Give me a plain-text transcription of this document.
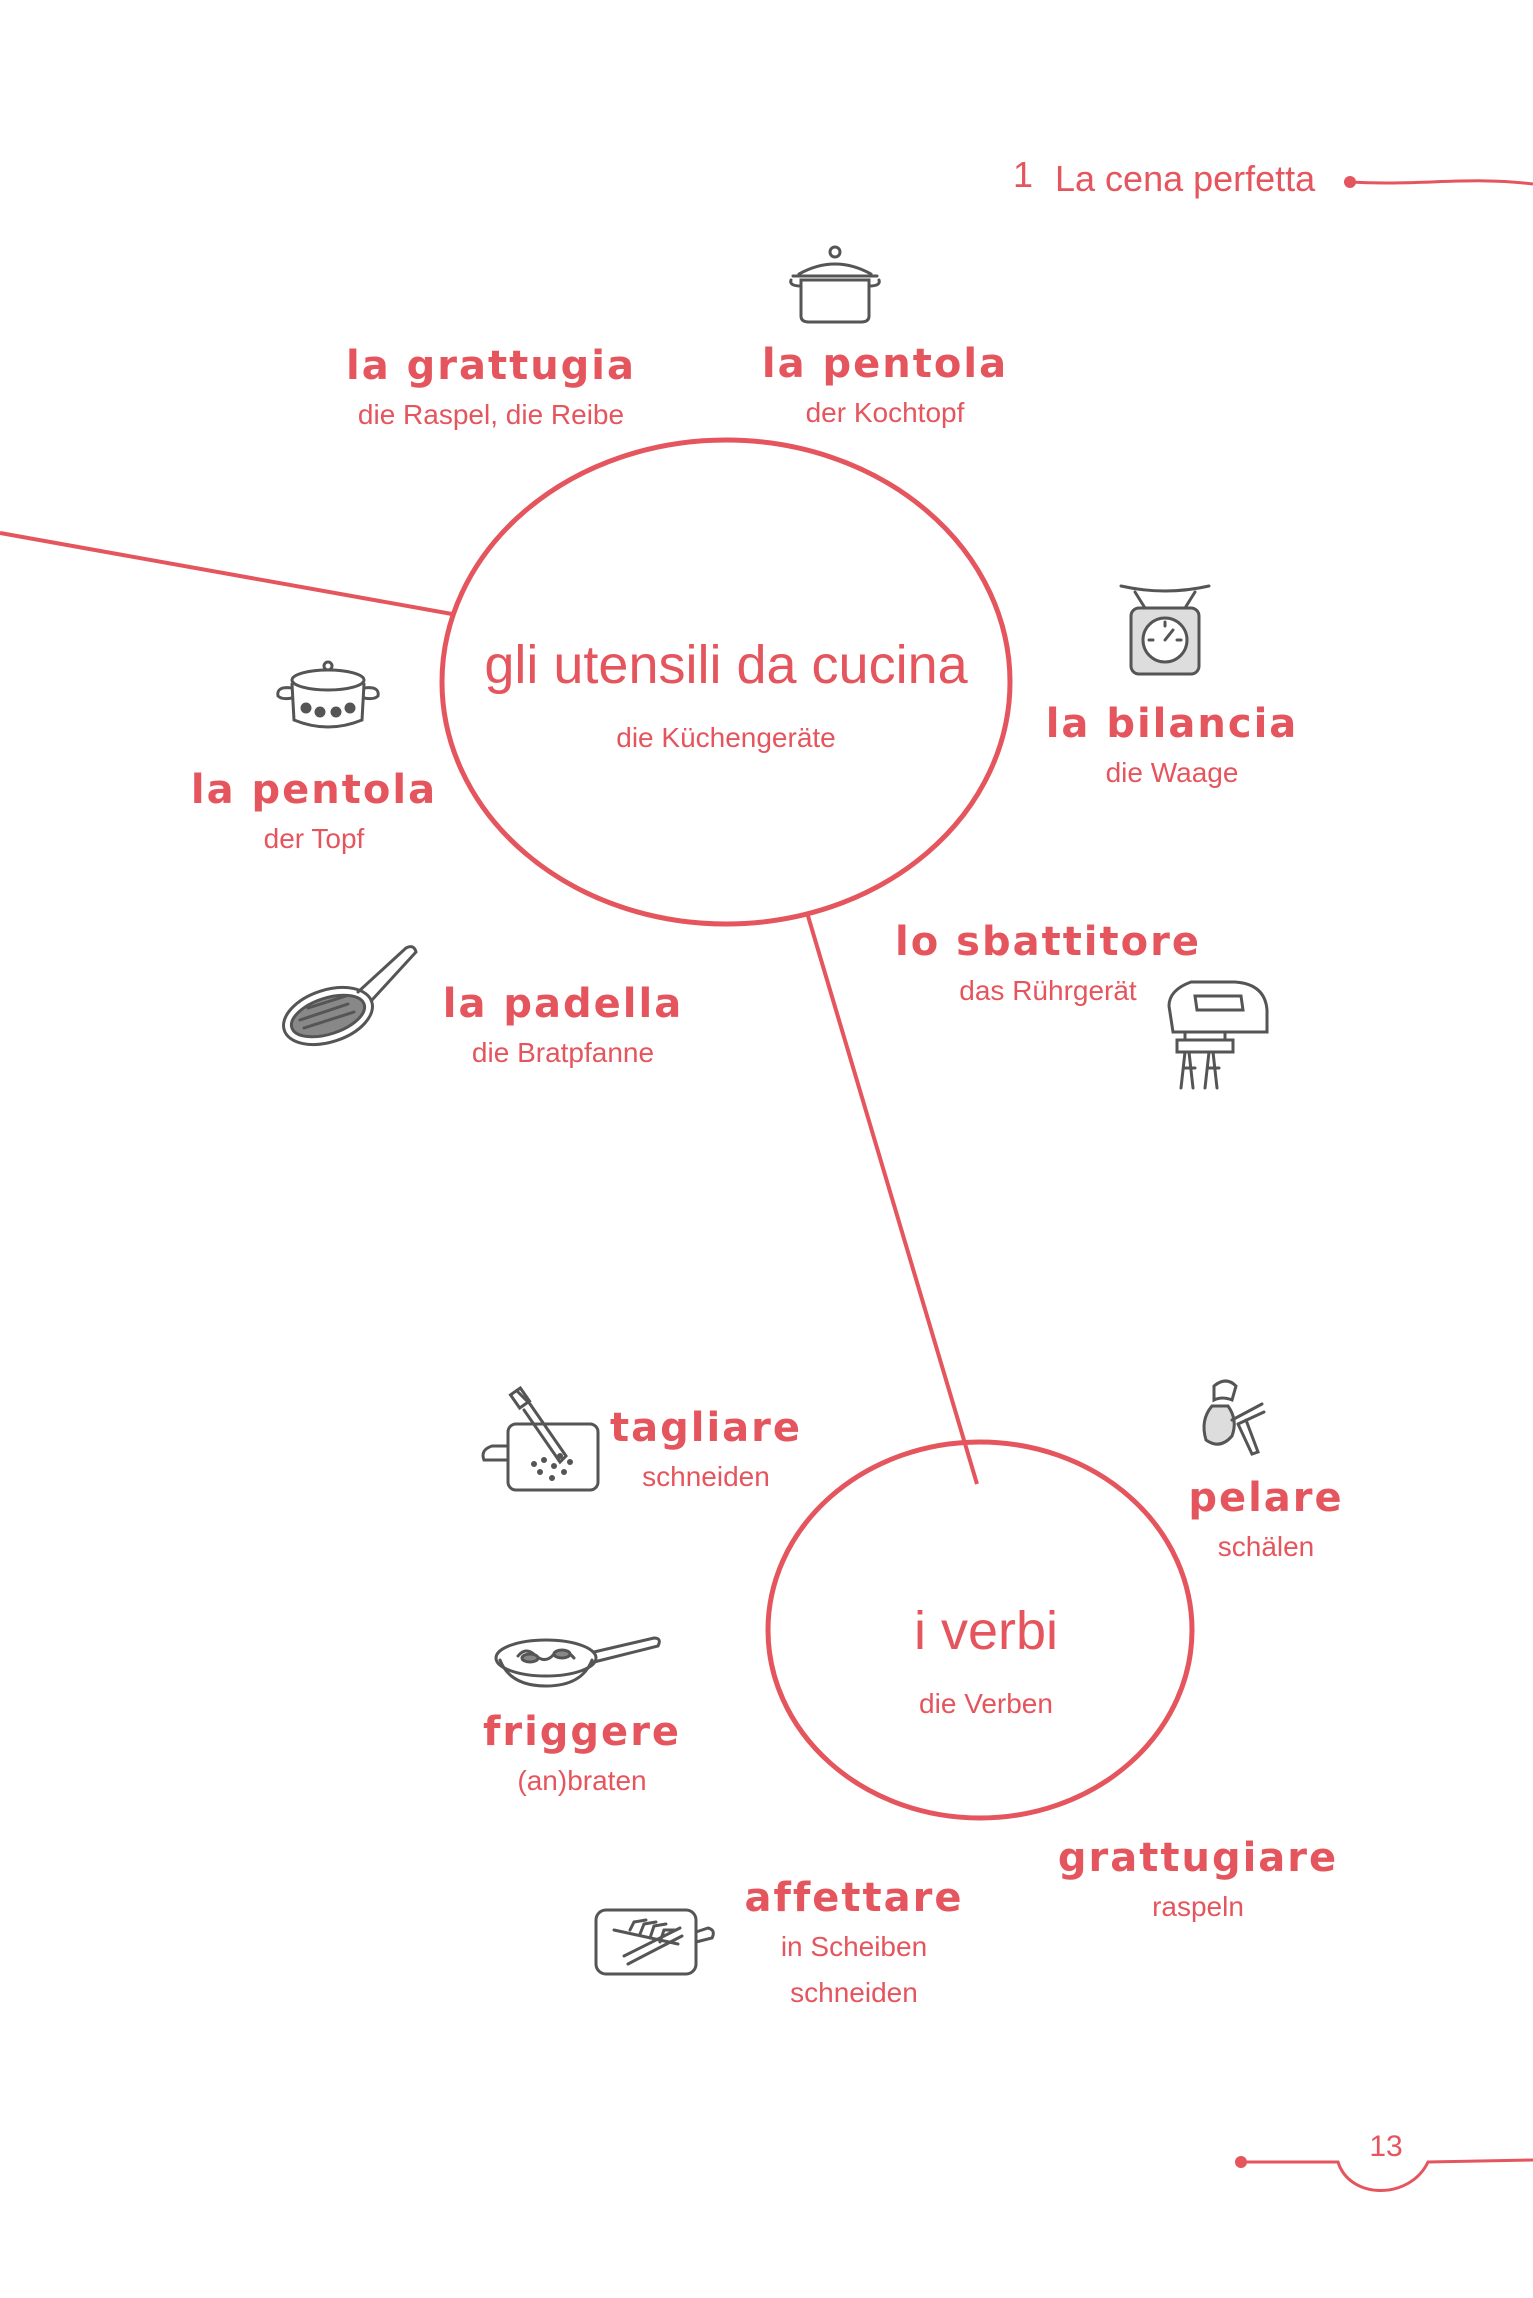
1 La cena perfetta
13
gli utensili da cucina
die Küchengeräte
i verbi
die Verben
la grattugia
die Raspel, die Reibe
la pentola
der Kochtopf
la bilancia
die Waage
la pentola
der Topf
lo sbattitore
das Rührgerät
la padella
die Bratpfanne
tagliare
schneiden	pelare
schälen
friggere
(an)braten
grattugiare
raspeln
affettare
in Scheiben
schneiden
